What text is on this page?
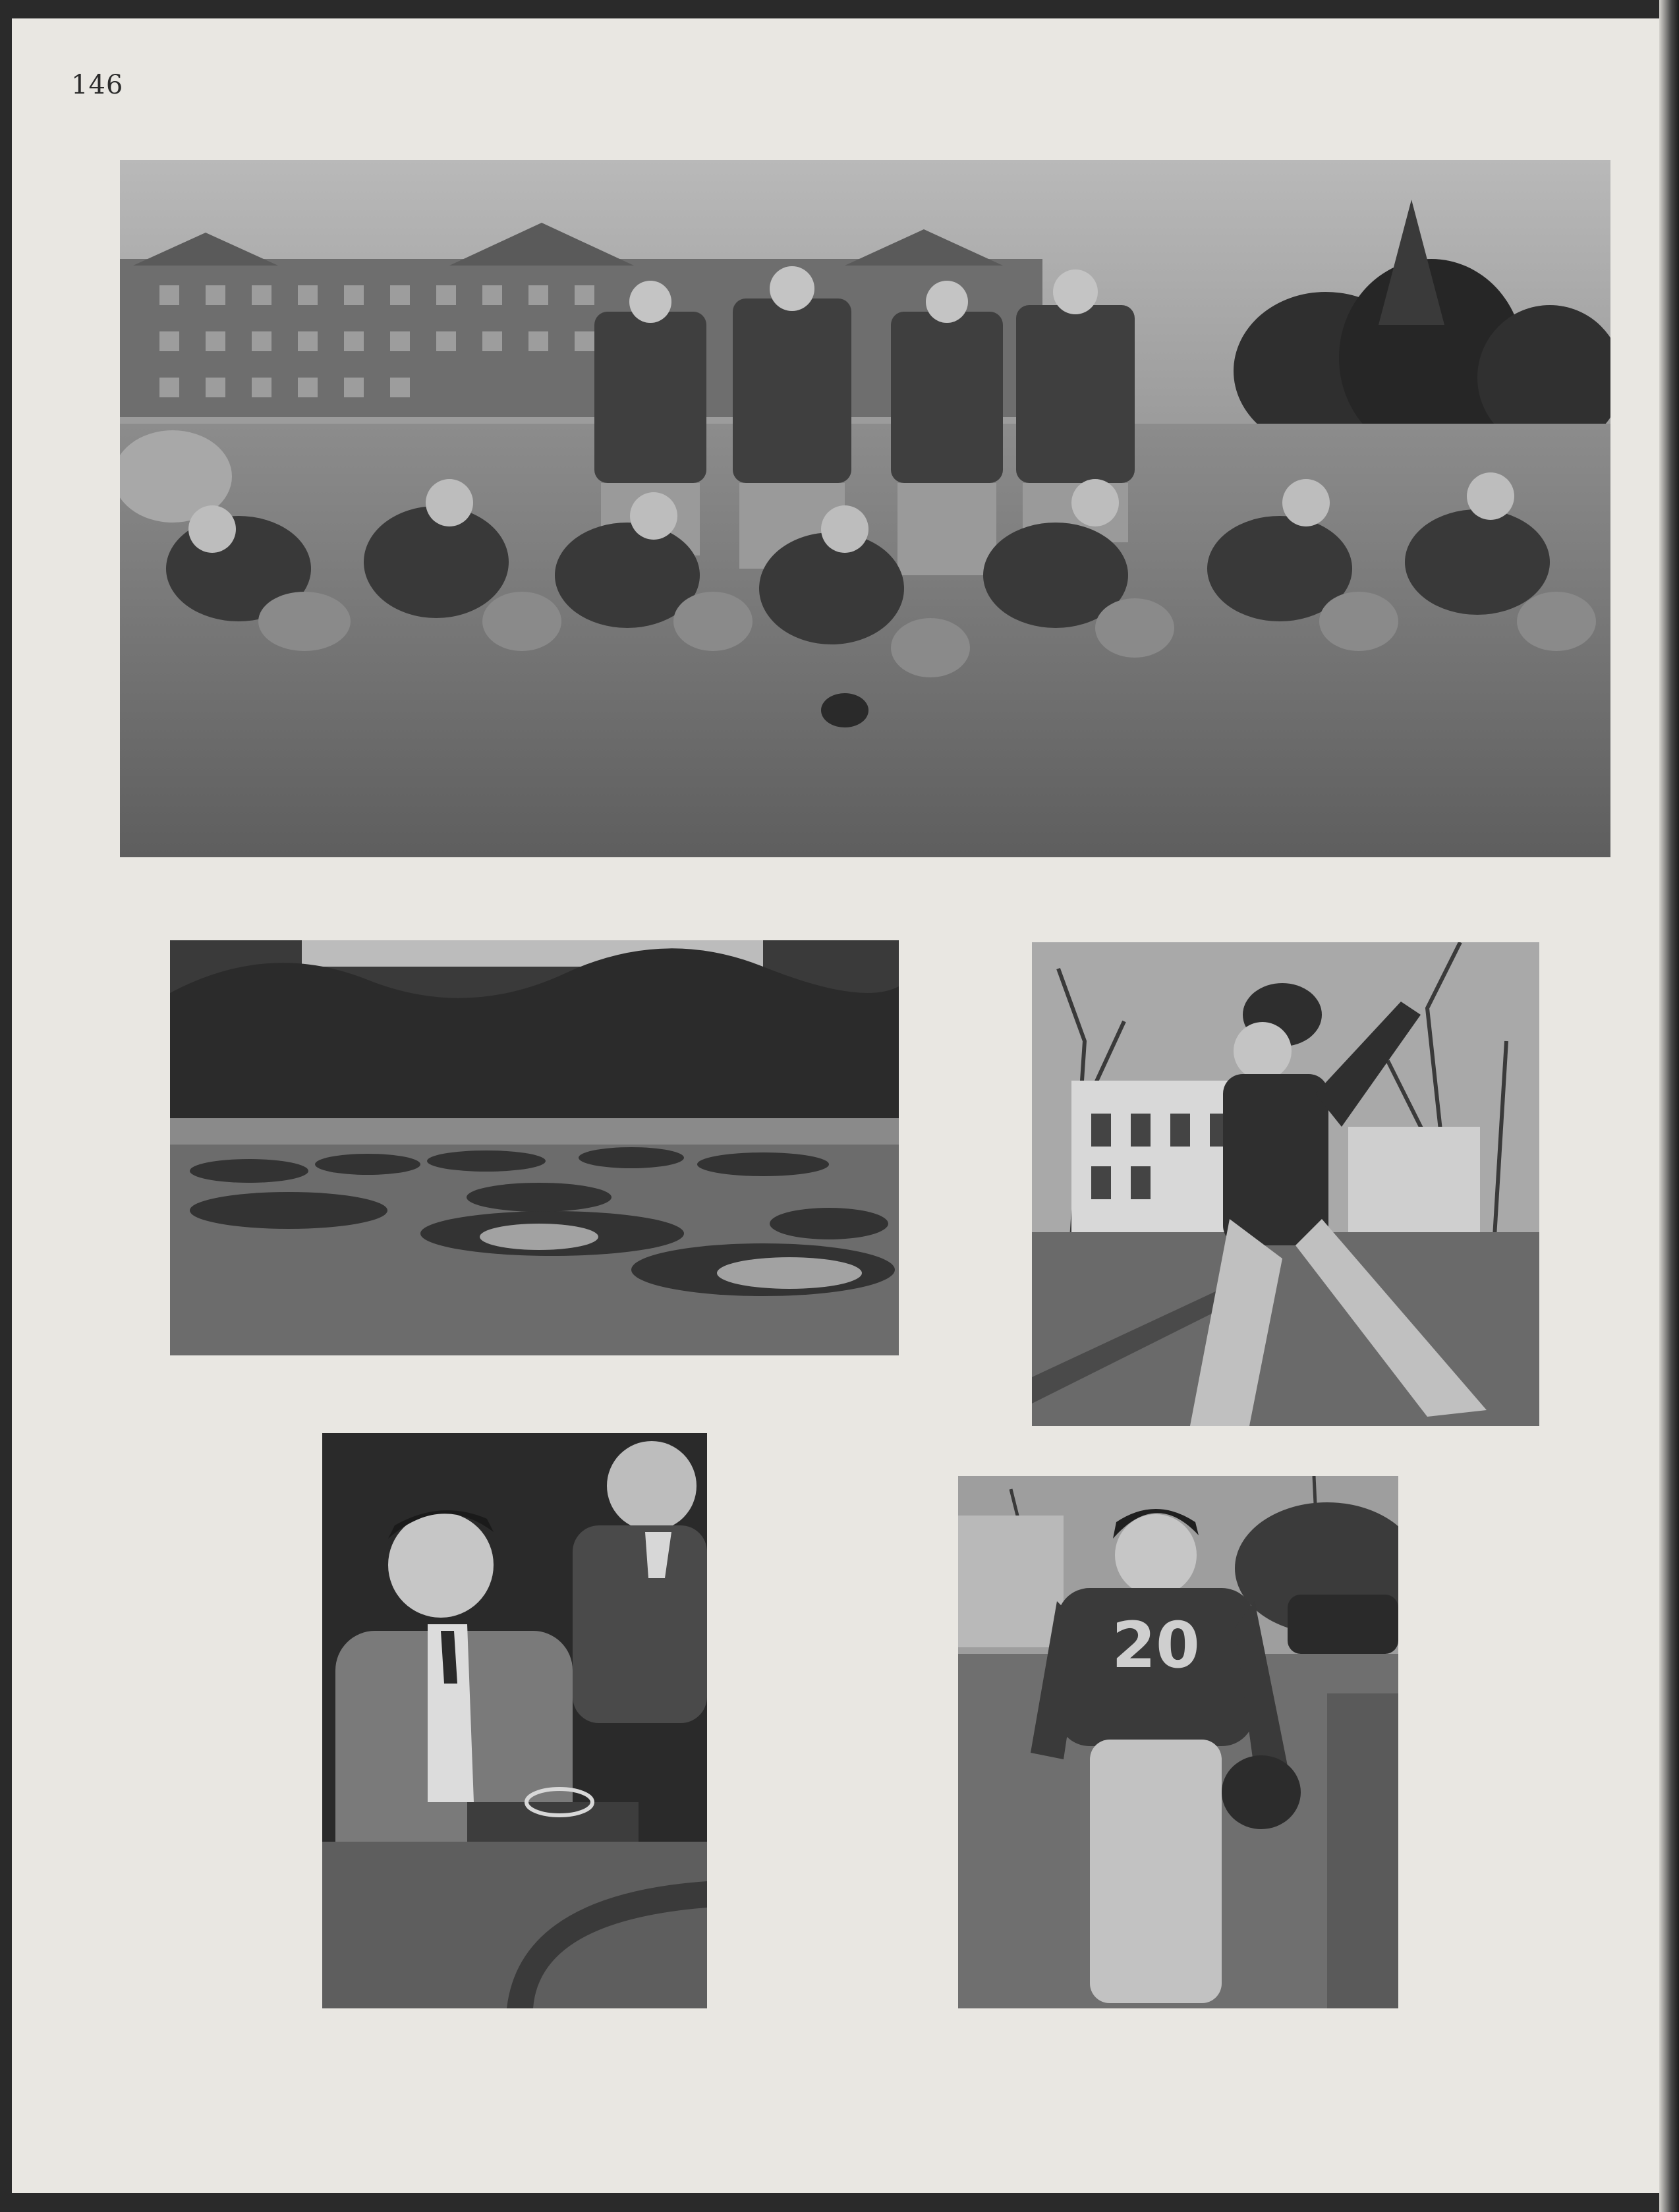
146
20
